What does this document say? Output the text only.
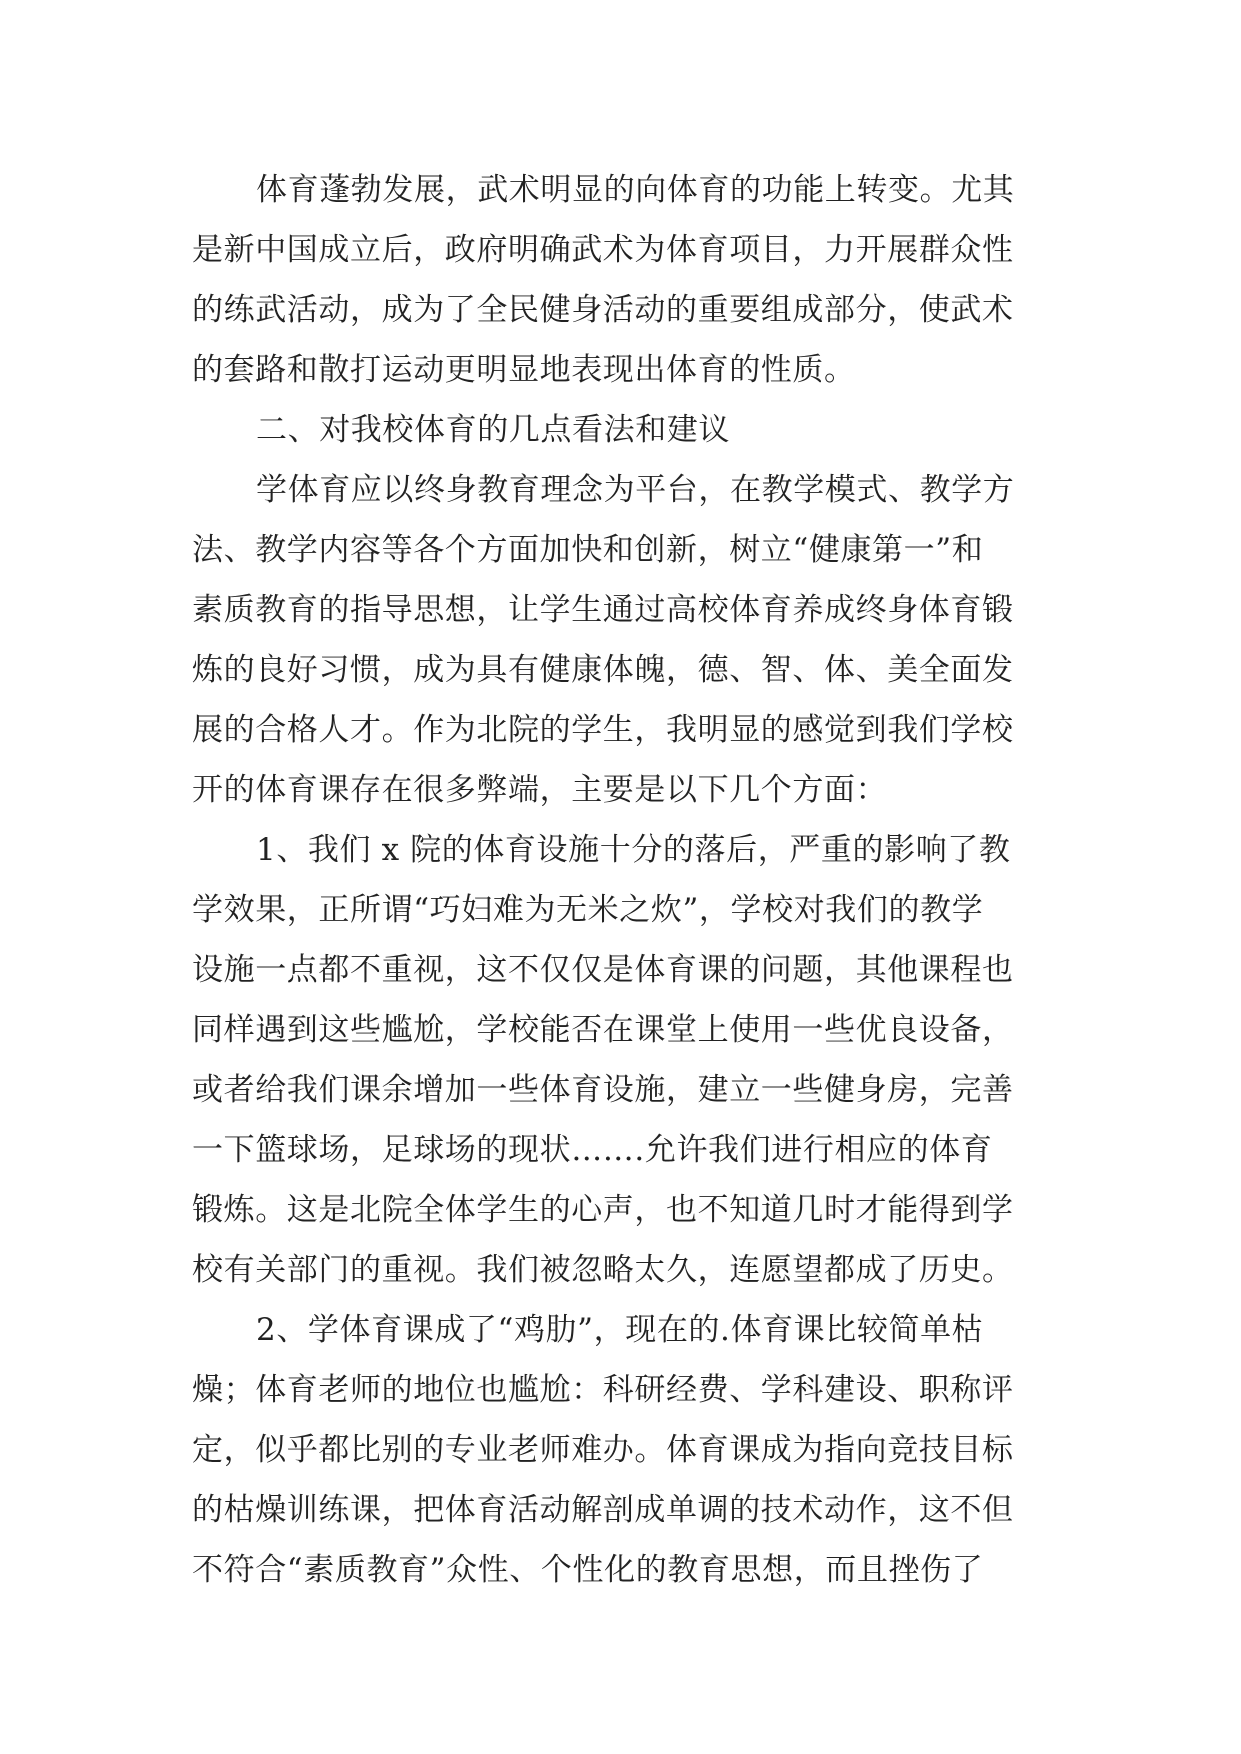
体育蓬勃发展，武术明显的向体育的功能上转变。尤其
是新中国成立后，政府明确武术为体育项目，力开展群众性
的练武活动，成为了全民健身活动的重要组成部分，使武术
的套路和散打运动更明显地表现出体育的性质。
二、对我校体育的几点看法和建议
学体育应以终身教育理念为平台，在教学模式、教学方
法、教学内容等各个方面加快和创新，树立“健康第一”和
素质教育的指导思想，让学生通过高校体育养成终身体育锻
炼的良好习惯，成为具有健康体魄，德、智、体、美全面发
展的合格人才。作为北院的学生，我明显的感觉到我们学校
开的体育课存在很多弊端，主要是以下几个方面：
1、我们 x 院的体育设施十分的落后，严重的影响了教
学效果，正所谓“巧妇难为无米之炊”，学校对我们的教学
设施一点都不重视，这不仅仅是体育课的问题，其他课程也
同样遇到这些尴尬，学校能否在课堂上使用一些优良设备，
或者给我们课余增加一些体育设施，建立一些健身房，完善
一下篮球场，足球场的现状…….允许我们进行相应的体育
锻炼。这是北院全体学生的心声，也不知道几时才能得到学
校有关部门的重视。我们被忽略太久，连愿望都成了历史。
2、学体育课成了“鸡肋”，现在的.体育课比较简单枯
燥；体育老师的地位也尴尬：科研经费、学科建设、职称评
定，似乎都比别的专业老师难办。体育课成为指向竞技目标
的枯燥训练课，把体育活动解剖成单调的技术动作，这不但
不符合“素质教育”众性、个性化的教育思想，而且挫伤了
